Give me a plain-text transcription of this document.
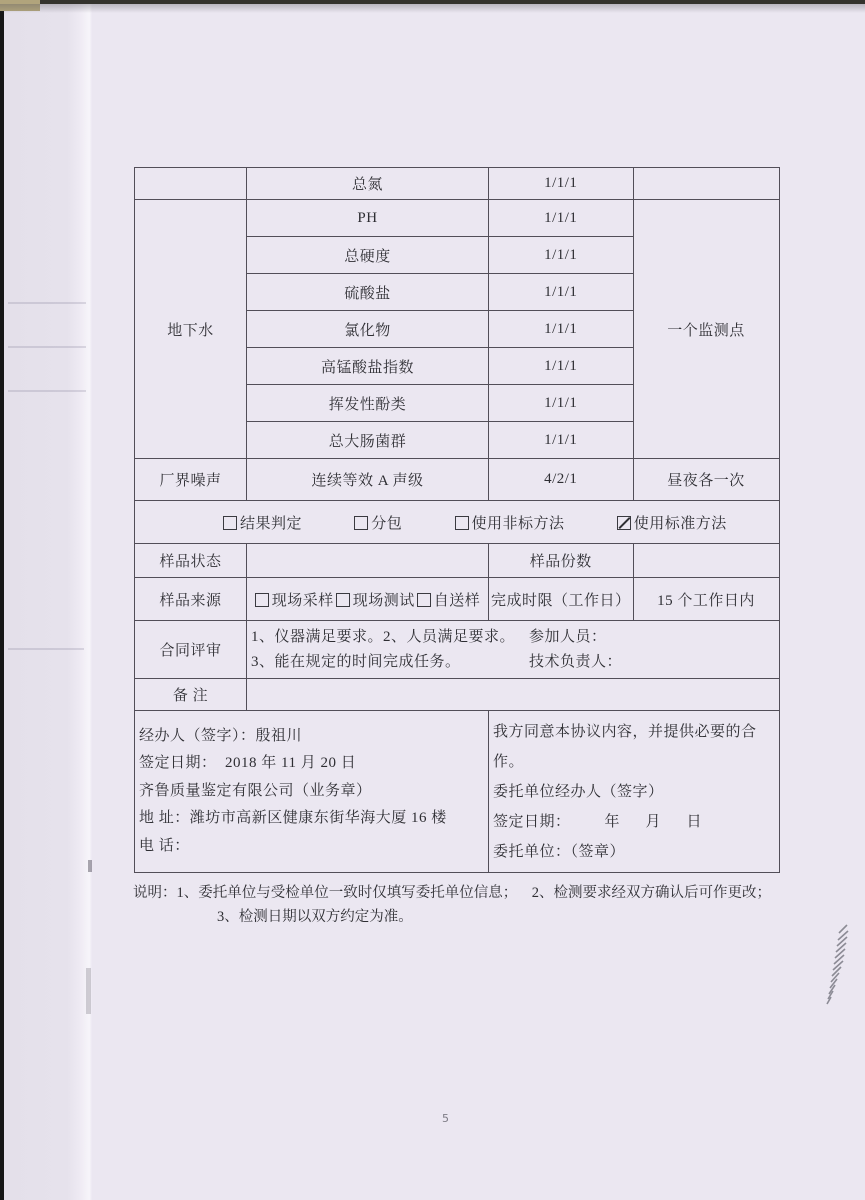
	总氮	1/1/1	
地下水	PH	1/1/1	一个监测点
	总硬度	1/1/1	
	硫酸盐	1/1/1	
	氯化物	1/1/1	
	高锰酸盐指数	1/1/1	
	挥发性酚类	1/1/1	
	总大肠菌群	1/1/1	
厂界噪声	连续等效 A 声级	4/2/1	昼夜各一次
结果判定 分包 使用非标方法 使用标准方法			
样品状态		样品份数	
样品来源	现场采样 现场测试 自送样	完成时限（工作日）	15 个工作日内
合同评审	1、仪器满足要求。2、人员满足要求。 参加人员：
3、能在规定的时间完成任务。 技术负责人：		

备 注			

经办人（签字）：殷祖川
签定日期：  2018 年 11 月 20 日
齐鲁质量鉴定有限公司（业务章）
地 址：潍坊市高新区健康东街华海大厦 16 楼
电 话：

我方同意本协议内容，并提供必要的合作。
委托单位经办人（签字）
签定日期：        年      月      日
委托单位：（签章）
说明：1、委托单位与受检单位一致时仅填写委托单位信息；    2、检测要求经双方确认后可作更改；
3、检测日期以双方约定为准。
5
